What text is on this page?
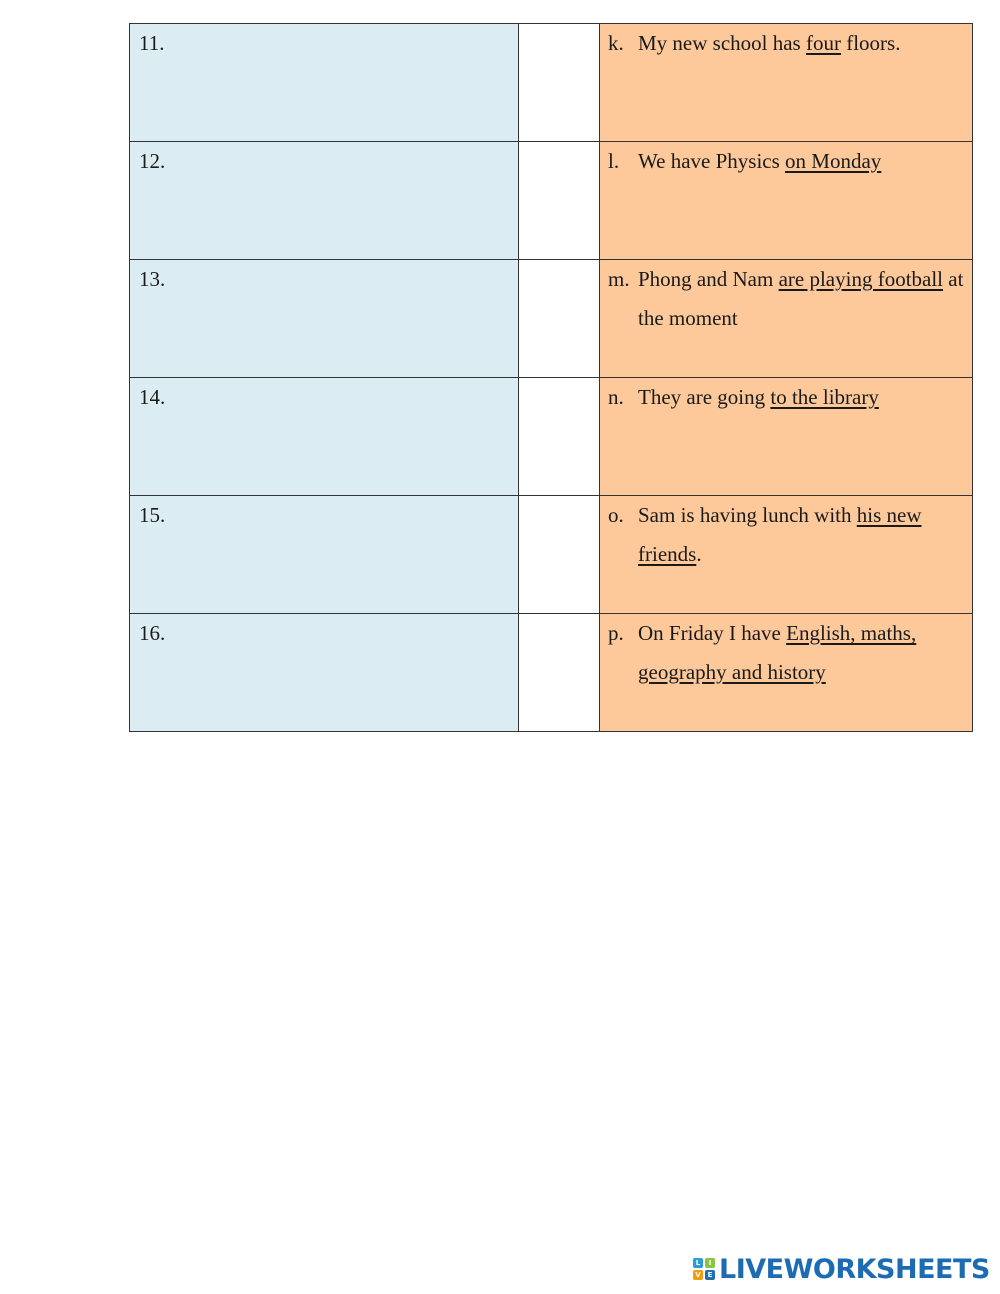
11.		k. My new school has four floors.

12.		l. We have Physics on Monday

13.		m. Phong and Nam are playing football at the moment

14.		n. They are going to the library

15.		o. Sam is having lunch with his new friends.

16.		p. On Friday I have English, maths, geography and history
L	I
V E LIVEWORKSHEETS
